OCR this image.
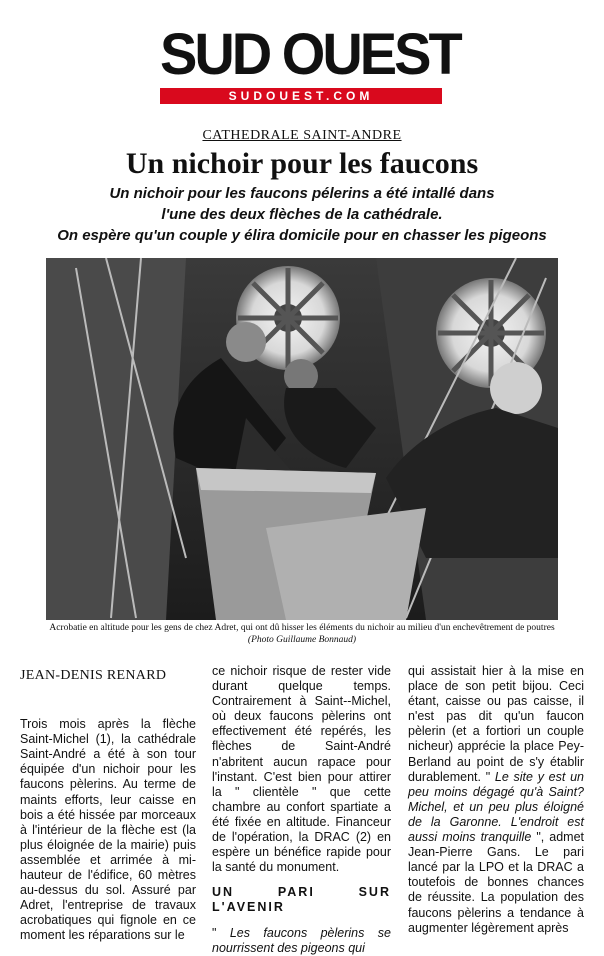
SUD OUEST
SUDOUEST.COM
CATHEDRALE SAINT-ANDRE
Un nichoir pour les faucons
Un nichoir pour les faucons pélerins a été intallé dans
l'une des deux flèches de la cathédrale.
On espère qu'un couple y élira domicile pour en chasser les pigeons
Acrobatie en altitude pour les gens de chez Adret, qui ont dû hisser les éléments du nichoir au milieu d'un enchevêtrement de poutres (Photo Guillaume Bonnaud)
JEAN-DENIS RENARD

Trois mois après la flèche Saint-Michel (1), la cathédrale Saint-André a été à son tour équipée d'un nichoir pour les faucons pèlerins. Au terme de maints efforts, leur caisse en bois a été hissée par morceaux à l'intérieur de la flèche est (la plus éloignée de la mairie) puis assemblée et arrimée à mi-hauteur de l'édifice, 60 mètres au-dessus du sol. Assuré par Adret, l'entreprise de travaux acrobatiques qui fignole en ce moment les réparations sur le

ce nichoir risque de rester vide durant quelque temps. Contrairement à Saint--Michel, où deux faucons pèlerins ont effectivement été repérés, les flèches de Saint-André n'abritent aucun rapace pour l'instant. C'est bien pour attirer la " clientèle " que cette chambre au confort spartiate a été fixée en altitude. Financeur de l'opération, la DRAC (2) en espère un bénéfice rapide pour la santé du monument.

UN PARI SUR L'AVENIR

" Les faucons pèlerins se nourrissent des pigeons qui

qui assistait hier à la mise en place de son petit bijou. Ceci étant, caisse ou pas caisse, il n'est pas dit qu'un faucon pèlerin (et a fortiori un couple nicheur) apprécie la place Pey-Berland au point de s'y établir durablement. " Le site y est un peu moins dégagé qu'à Saint?Michel, et un peu plus éloigné de la Garonne. L'endroit est aussi moins tranquille ", admet Jean-Pierre Gans. Le pari lancé par la LPO et la DRAC a toutefois de bonnes chances de réussite. La population des faucons pèlerins a tendance à augmenter légèrement après
